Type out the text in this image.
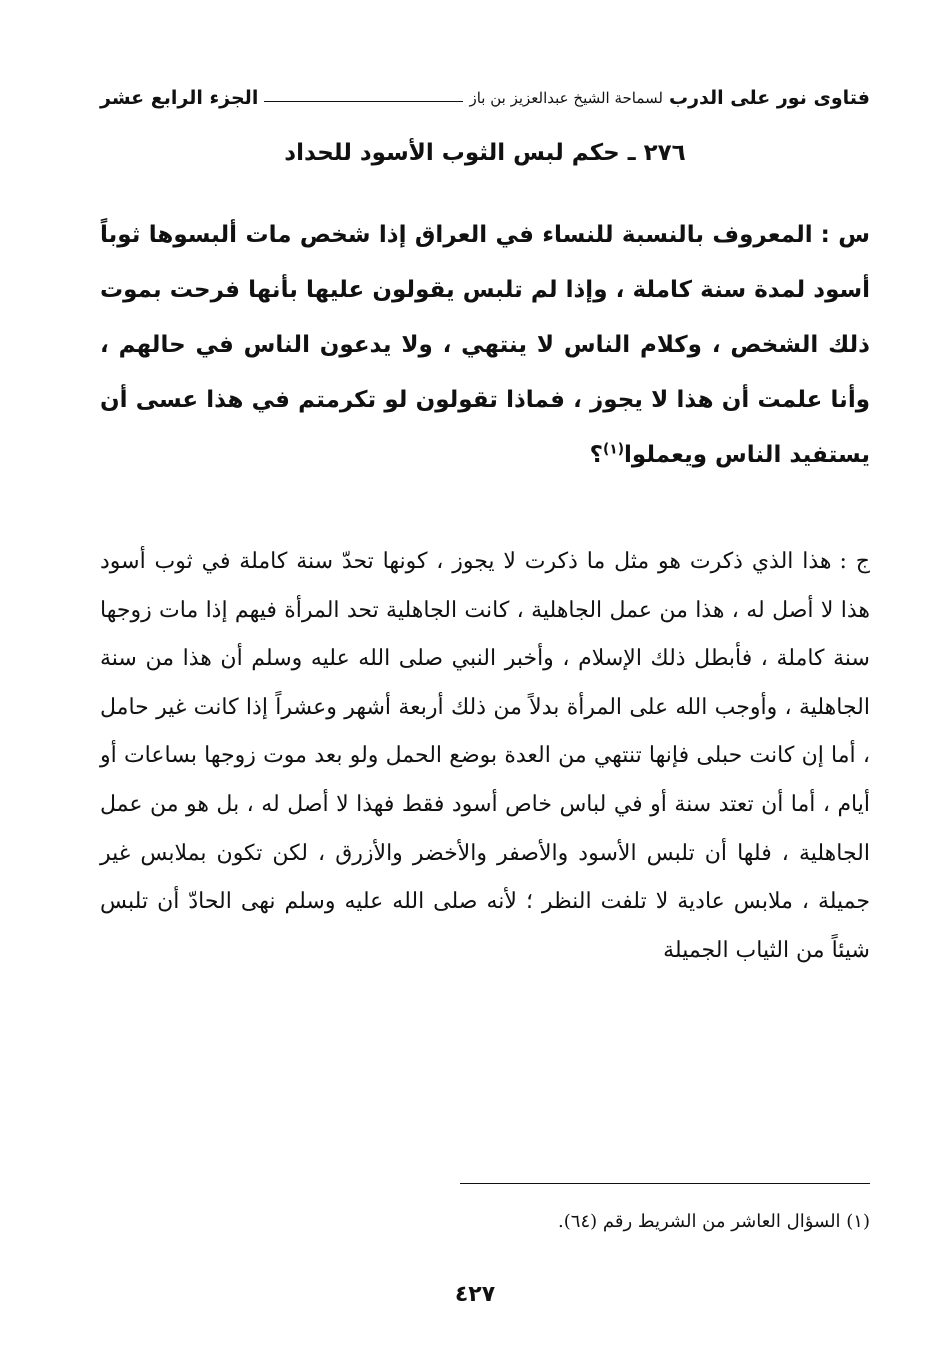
فتاوى نور على الدرب
لسماحة الشيخ عبدالعزيز بن باز
الجزء الرابع عشر
٢٧٦ ـ حكم لبس الثوب الأسود للحداد
س :المعروف بالنسبة للنساء في العراق إذا شخص مات ألبسوها ثوباً أسود لمدة سنة كاملة ، وإذا لم تلبس يقولون عليها بأنها فرحت بموت ذلك الشخص ، وكلام الناس لا ينتهي ، ولا يدعون الناس في حالهم ، وأنا علمت أن هذا لا يجوز ، فماذا تقولون لو تكرمتم في هذا عسى أن يستفيد الناس ويعملوا$^{(١)}$؟
ج :هذا الذي ذكرت هو مثل ما ذكرت لا يجوز ، كونها تحدّ سنة كاملة في ثوب أسود هذا لا أصل له ، هذا من عمل الجاهلية ، كانت الجاهلية تحد المرأة فيهم إذا مات زوجها سنة كاملة ، فأبطل ذلك الإسلام ، وأخبر النبي صلى الله عليه وسلم أن هذا من سنة الجاهلية ، وأوجب الله على المرأة بدلاً من ذلك أربعة أشهر وعشراً إذا كانت غير حامل ، أما إن كانت حبلى فإنها تنتهي من العدة بوضع الحمل ولو بعد موت زوجها بساعات أو أيام ، أما أن تعتد سنة أو في لباس خاص أسود فقط فهذا لا أصل له ، بل هو من عمل الجاهلية ، فلها أن تلبس الأسود والأصفر والأخضر والأزرق ، لكن تكون بملابس غير جميلة ، ملابس عادية لا تلفت النظر ؛ لأنه صلى الله عليه وسلم نهى الحادّ أن تلبس شيئاً من الثياب الجميلة
(١) السؤال العاشر من الشريط رقم (٦٤).
٤٢٧
